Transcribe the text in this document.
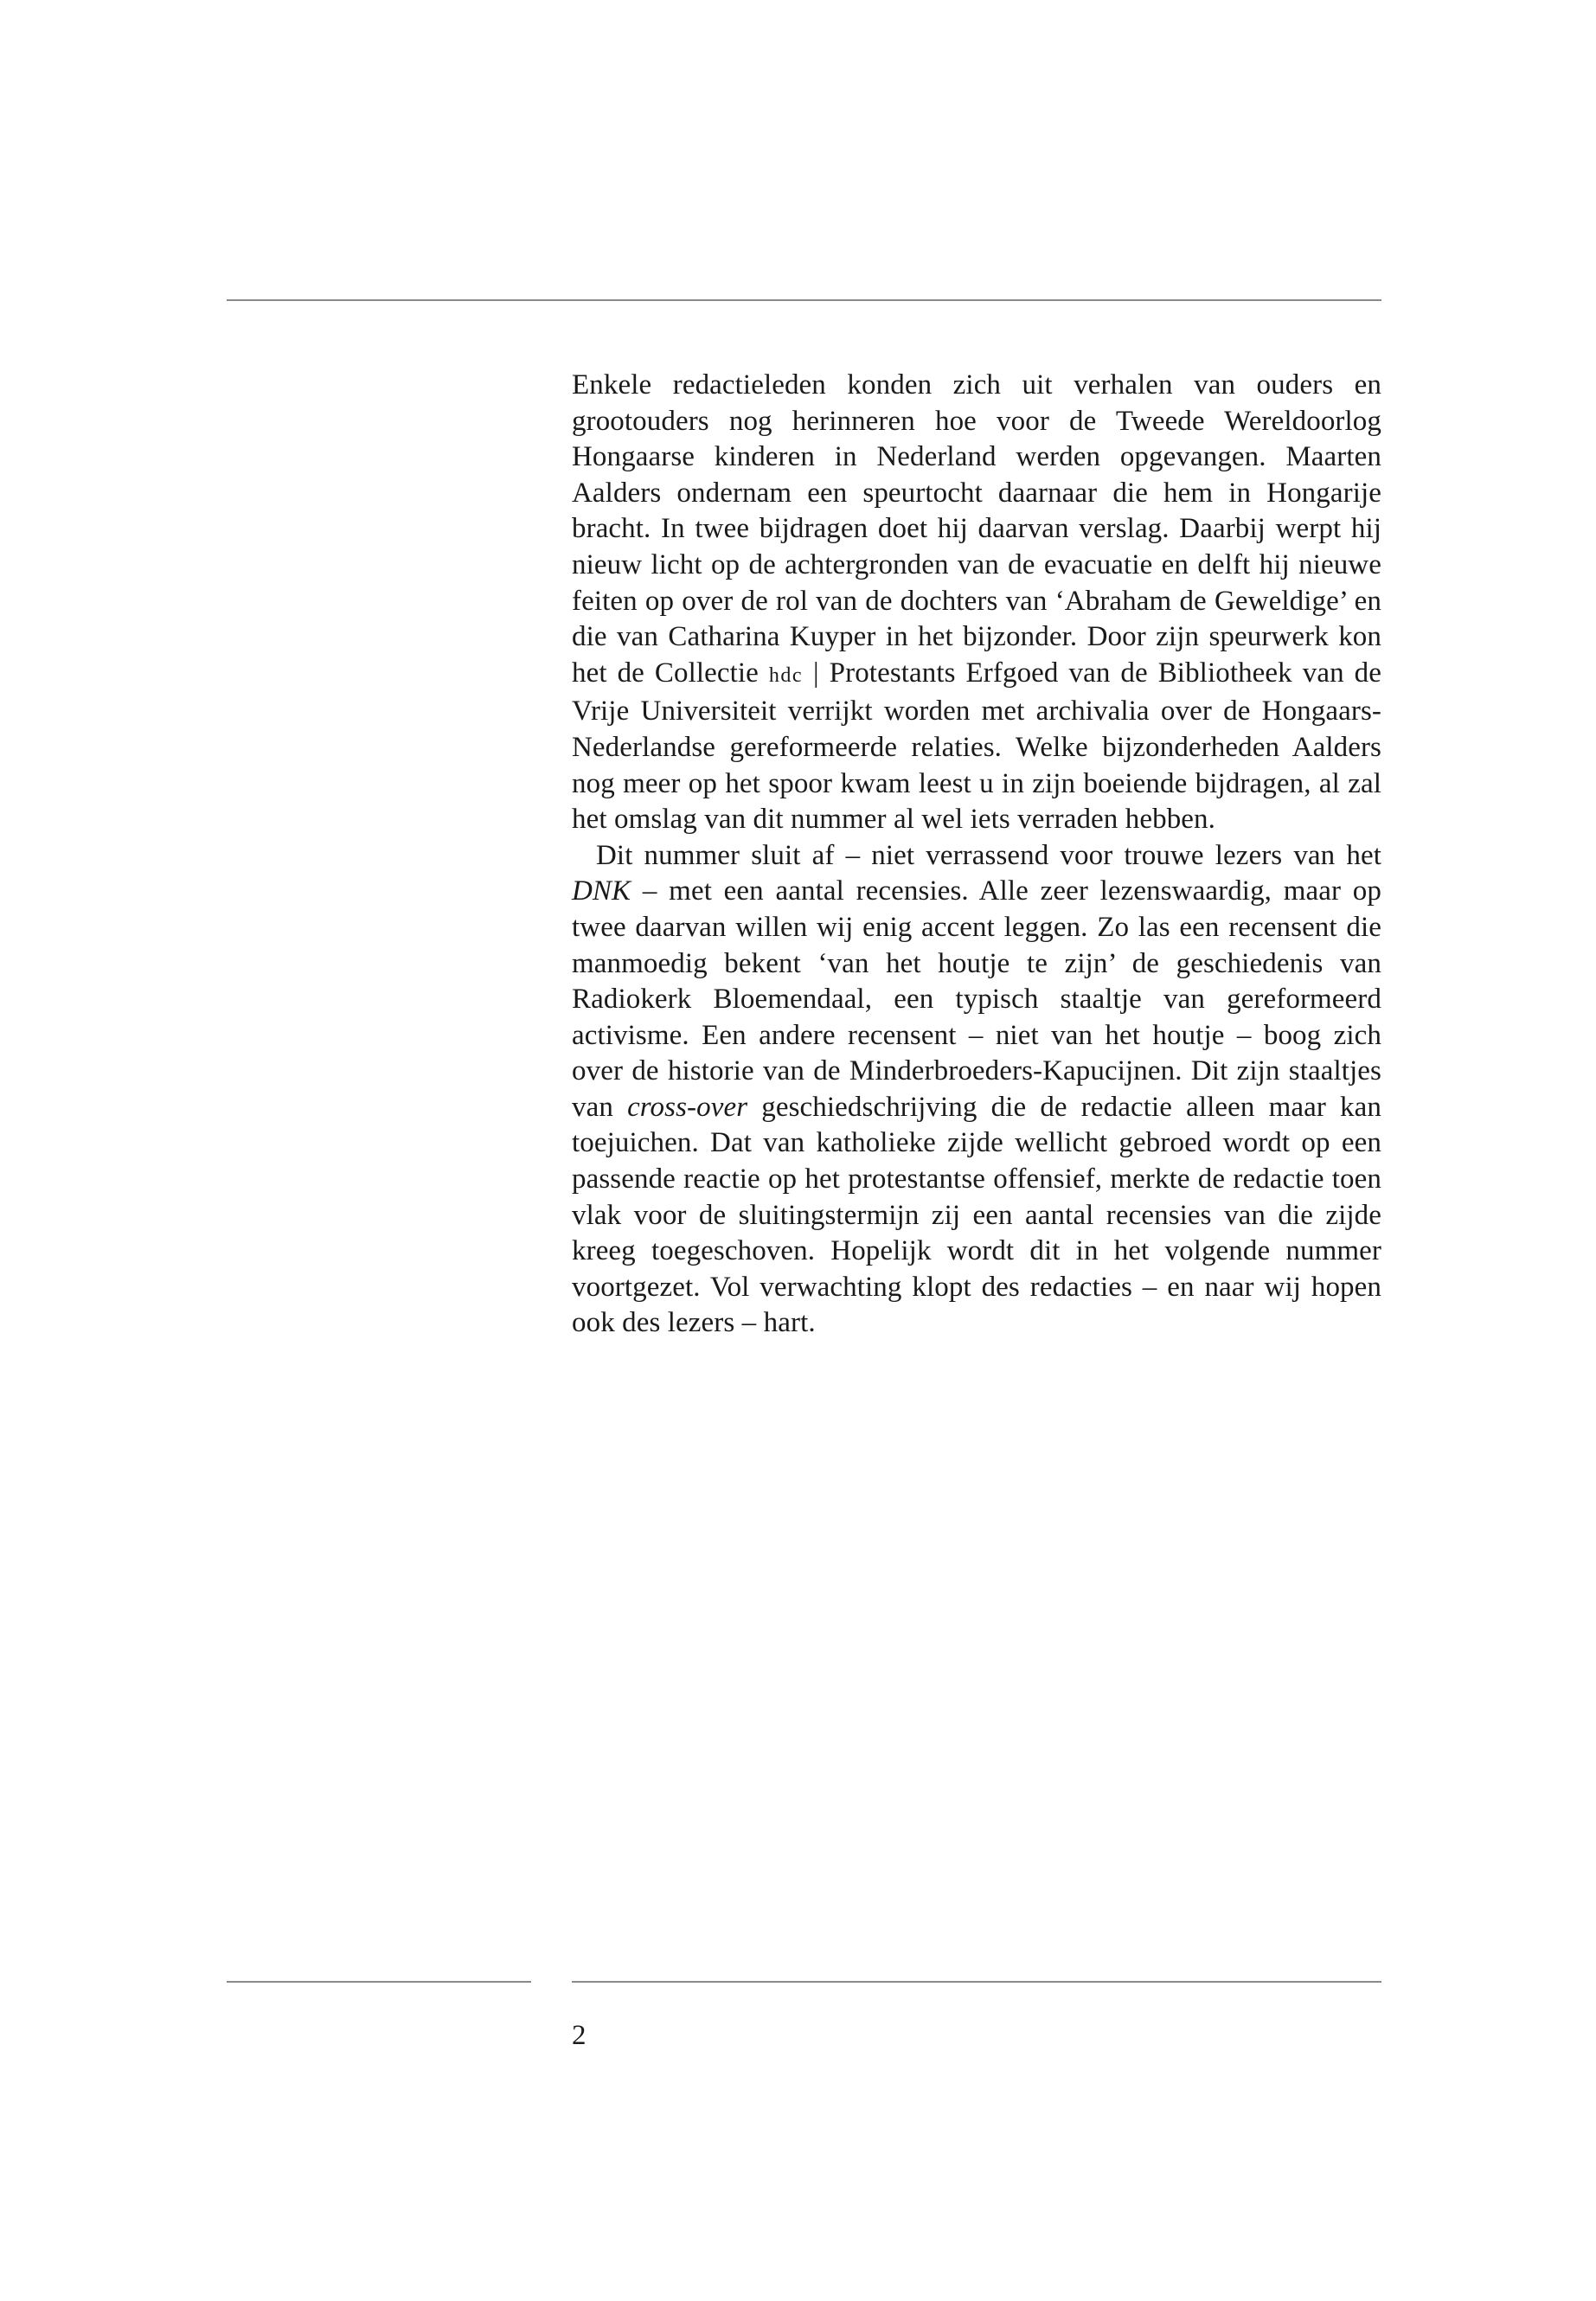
Enkele redactieleden konden zich uit verhalen van ouders en grootouders nog herinneren hoe voor de Tweede Wereldoorlog Hongaarse kinderen in Nederland werden opgevangen. Maarten Aalders ondernam een speurtocht daarnaar die hem in Hongarije bracht. In twee bijdragen doet hij daarvan verslag. Daarbij werpt hij nieuw licht op de achtergronden van de evacuatie en delft hij nieuwe feiten op over de rol van de dochters van ‘Abraham de Geweldige’ en die van Catharina Kuyper in het bijzonder. Door zijn speurwerk kon het de Collectie hdc | Protestants Erfgoed van de Bibliotheek van de Vrije Universiteit verrijkt worden met archivalia over de Hongaars- Nederlandse gereformeerde relaties. Welke bijzonderheden Aalders nog meer op het spoor kwam leest u in zijn boeiende bijdragen, al zal het omslag van dit nummer al wel iets verraden hebben.

Dit nummer sluit af – niet verrassend voor trouwe lezers van het DNK – met een aantal recensies. Alle zeer lezenswaardig, maar op twee daarvan willen wij enig accent leggen. Zo las een recensent die manmoedig bekent ‘van het houtje te zijn’ de geschiedenis van Radiokerk Bloemendaal, een typisch staaltje van gereformeerd activisme. Een andere recensent – niet van het houtje – boog zich over de historie van de Minderbroeders-Kapucijnen. Dit zijn staaltjes van cross-over geschiedschrijving die de redactie alleen maar kan toejuichen. Dat van katholieke zijde wellicht gebroed wordt op een passende reactie op het protestantse offensief, merkte de redactie toen vlak voor de sluitingstermijn zij een aantal recensies van die zijde kreeg toegeschoven. Hopelijk wordt dit in het volgende nummer voortgezet. Vol verwachting klopt des redacties – en naar wij hopen ook des lezers – hart.

2
